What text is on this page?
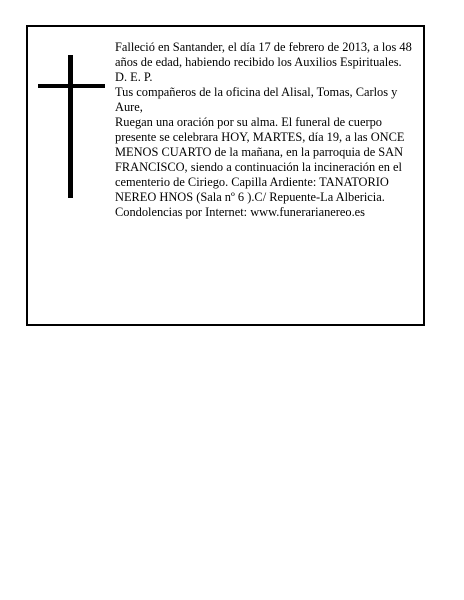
Falleció en Santander, el día 17 de febrero de 2013, a los 48 años de edad, habiendo recibido los Auxilios Espirituales.

D. E. P.

Tus compañeros de la oficina del Alisal, Tomas, Carlos y Aure,

Ruegan una oración por su alma. El funeral de cuerpo presente se celebrara HOY, MARTES, día 19, a las ONCE MENOS CUARTO de la mañana, en la parroquia de SAN FRANCISCO, siendo a continuación la incineración en el cementerio de Ciriego. Capilla Ardiente: TANATORIO NEREO HNOS (Sala nº 6 ).C/ Repuente-La Albericia.

Condolencias por Internet: www.funerarianereo.es
